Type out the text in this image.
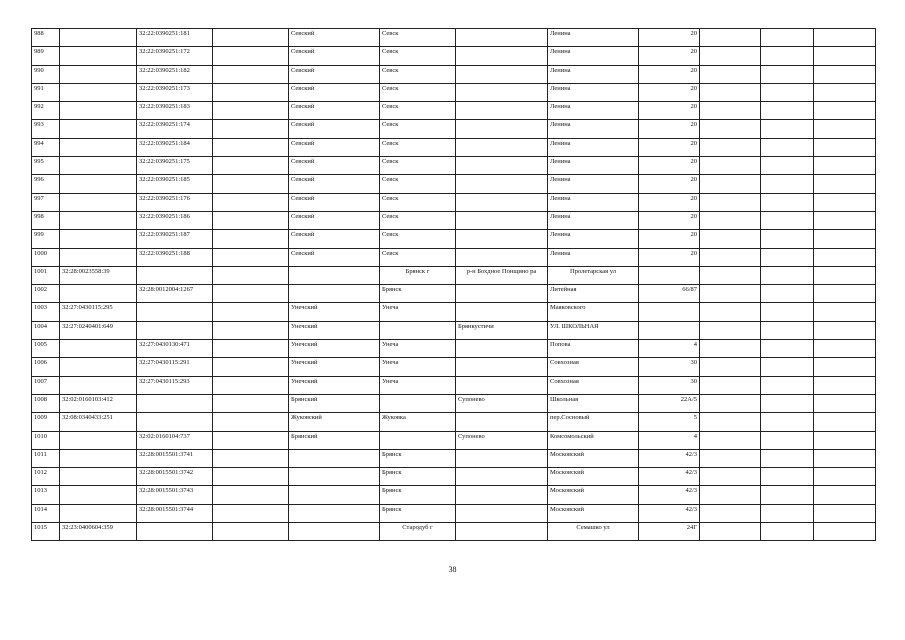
988		32:22:0390251:181		Севский	Севск		Ленина	20			
989		32:22:0390251:172		Севский	Севск		Ленина	20			
990		32:22:0390251:182		Севский	Севск		Ленина	20			
991		32:22:0390251:173		Севский	Севск		Ленина	20			
992		32:22:0390251:183		Севский	Севск		Ленина	20			
993		32:22:0390251:174		Севский	Севск		Ленина	20			
994		32:22:0390251:184		Севский	Севск		Ленина	20			
995		32:22:0390251:175		Севский	Севск		Ленина	20			
996		32:22:0390251:185		Севский	Севск		Ленина	20			
997		32:22:0390251:176		Севский	Севск		Ленина	20			
998		32:22:0390251:186		Севский	Севск		Ленина	20			
999		32:22:0390251:187		Севский	Севск		Ленина	20			
1000		32:22:0390251:188		Севский	Севск		Ленина	20			
1001	32:28:0023558:39				Брянск г	р-н Бохдное Понщино ра	Пролетарская ул				
1002		32:28:0012004:1267			Брянск		Литейная	66/87			
1003	32:27:0430115:295			Унечский	Унеча		Маяковского				
1004	32:27:0240401:649			Унечский		Брянкустичи	УЛ. ШКОЛЬНАЯ				
1005		32:27:0430130:471		Унечский	Унеча		Попова	4			
1006		32:27:0430115:291		Унечский	Унеча		Совхозная	30			
1007		32:27:0430115:293		Унечский	Унеча		Совхозная	30			
1008	32:02:0160103:412			Брянский		Супонево	Школьная	22А/5			
1009	32:08:0340433:251			Жуковский	Жуковка		пер.Сосновый	5			
1010		32:02:0160104:737		Брянский		Супонево	Комсомольский	4			
1011		32:28:0015501:3741			Брянск		Московский	42/3			
1012		32:28:0015501:3742			Брянск		Московский	42/3			
1013		32:28:0015501:3743			Брянск		Московский	42/3			
1014		32:28:0015501:3744			Брянск		Московский	42/3			
1015	32:23:0400604:359				Стародуб г		Семашко ул	24Г			
38
